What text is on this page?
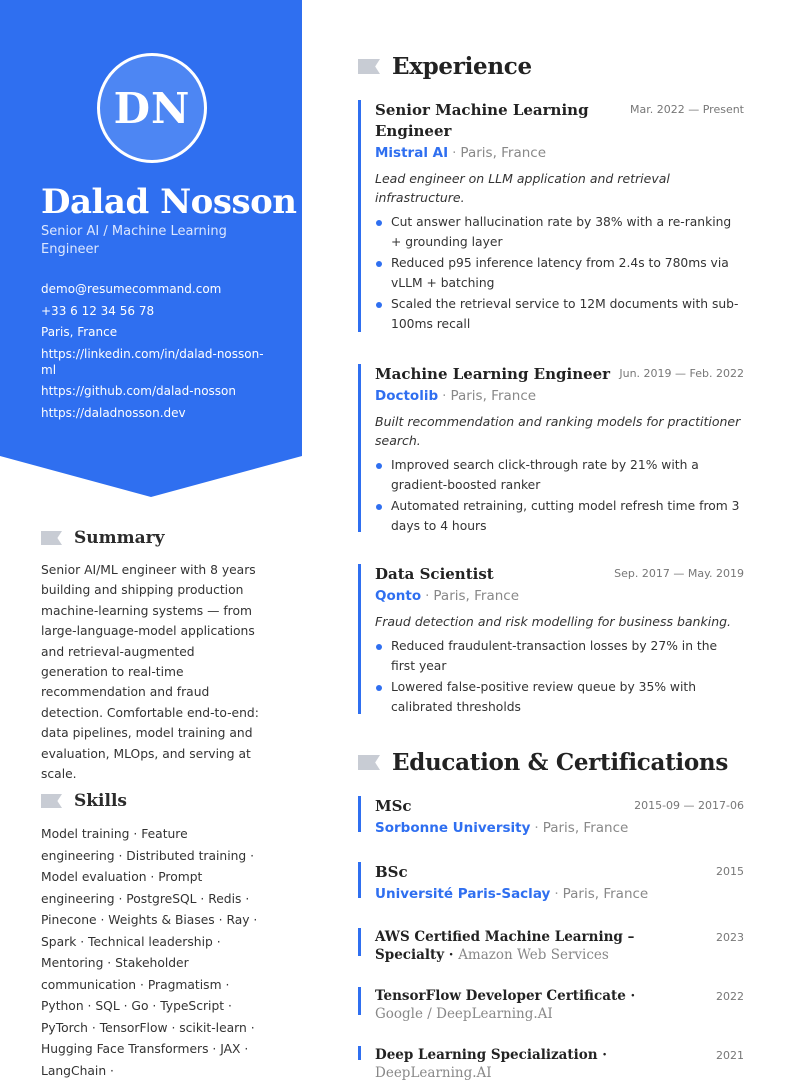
DN
Dalad Nosson
Senior AI / Machine Learning Engineer
demo@resumecommand.com
+33 6 12 34 56 78
Paris, France
https://linkedin.com/in/dalad-nosson-ml
https://github.com/dalad-nosson
https://daladnosson.dev
Summary
Senior AI/ML engineer with 8 years building and shipping production machine-learning systems — from large-language-model applications and retrieval-augmented generation to real-time recommendation and fraud detection. Comfortable end-to-end: data pipelines, model training and evaluation, MLOps, and serving at scale.
Skills
Model training · Feature engineering · Distributed training · Model evaluation · Prompt engineering · PostgreSQL · Redis · Pinecone · Weights & Biases · Ray · Spark · Technical leadership · Mentoring · Stakeholder communication · Pragmatism · Python · SQL · Go · TypeScript · PyTorch · TensorFlow · scikit-learn · Hugging Face Transformers · JAX · LangChain ·
Experience
Senior Machine Learning Engineer
Mar. 2022 — Present
Mistral AI · Paris, France
Lead engineer on LLM application and retrieval infrastructure.
Cut answer hallucination rate by 38% with a re-ranking + grounding layer
Reduced p95 inference latency from 2.4s to 780ms via vLLM + batching
Scaled the retrieval service to 12M documents with sub-100ms recall
Machine Learning Engineer Jun. 2019 — Feb. 2022
Doctolib · Paris, France
Built recommendation and ranking models for practitioner search.
Improved search click-through rate by 21% with a gradient-boosted ranker
Automated retraining, cutting model refresh time from 3 days to 4 hours
Data Scientist	Sep. 2017 — May. 2019
Qonto · Paris, France
Fraud detection and risk modelling for business banking.
Reduced fraudulent-transaction losses by 27% in the first year
Lowered false-positive review queue by 35% with calibrated thresholds
Education & Certifications
MSc	2015-09 — 2017-06
Sorbonne University · Paris, France
BSc	2015
Université Paris-Saclay · Paris, France
AWS Certified Machine Learning – Specialty · Amazon Web Services
2023
TensorFlow Developer Certificate · Google / DeepLearning.AI
2022
Deep Learning Specialization · DeepLearning.AI
2021
